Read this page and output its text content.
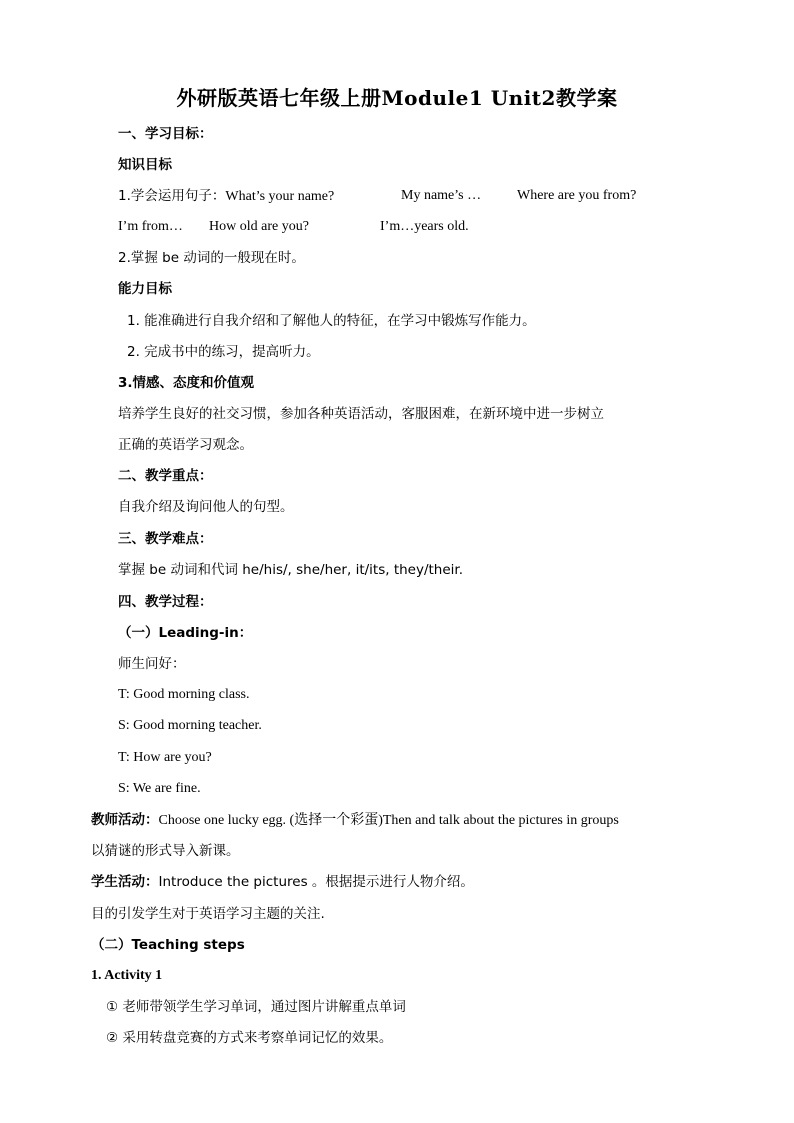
外研版英语七年级上册Module1 Unit2教学案
一、学习目标：
知识目标
1.学会运用句子：What’s your name?	My name’s …	Where are you from?
I’m from… How old are you?	I’m…years old.
2.掌握 be 动词的一般现在时。
能力目标
1. 能准确进行自我介绍和了解他人的特征，在学习中锻炼写作能力。
2. 完成书中的练习，提高听力。
3.情感、态度和价值观
培养学生良好的社交习惯，参加各种英语活动，客服困难，在新环境中进一步树立
正确的英语学习观念。
二、教学重点：
自我介绍及询问他人的句型。
三、教学难点：
掌握 be 动词和代词 he/his/, she/her, it/its, they/their.
四、教学过程：
（一）Leading-in：
师生问好：
T: Good morning class.
S: Good morning teacher.
T: How are you?
S: We are fine.
教师活动：Choose one lucky egg. (选择一个彩蛋)Then and talk about the pictures in groups
以猜谜的形式导入新课。
学生活动：Introduce the pictures 。根据提示进行人物介绍。
目的引发学生对于英语学习主题的关注.
（二）Teaching steps
1. Activity 1
① 老师带领学生学习单词，通过图片讲解重点单词
② 采用转盘竞赛的方式来考察单词记忆的效果。
